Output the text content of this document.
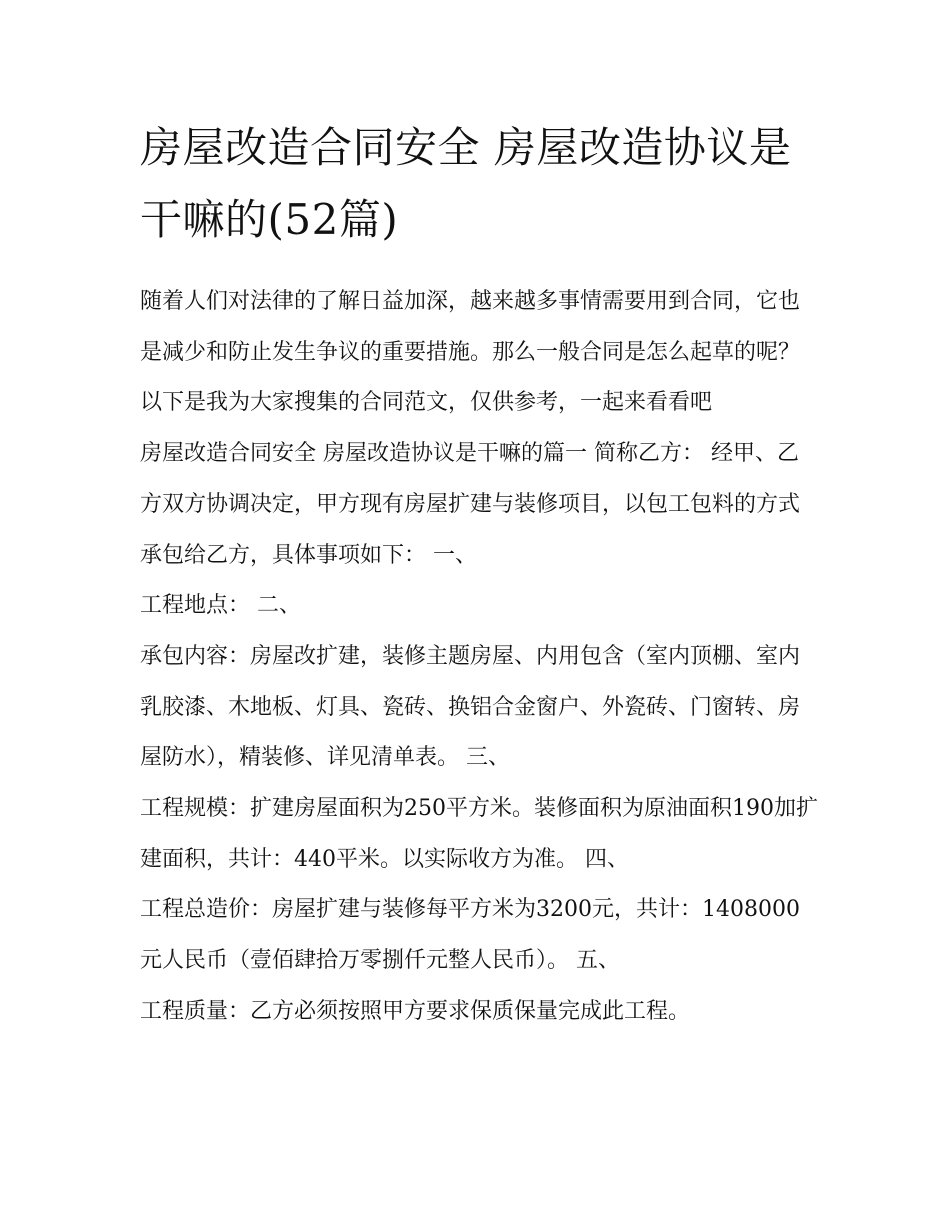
房屋改造合同安全 房屋改造协议是干嘛的(52篇)

随着人们对法律的了解日益加深，越来越多事情需要用到合同，它也是减少和防止发生争议的重要措施。那么一般合同是怎么起草的呢？以下是我为大家搜集的合同范文，仅供参考，一起来看看吧

房屋改造合同安全 房屋改造协议是干嘛的篇一 简称乙方： 经甲、乙方双方协调决定，甲方现有房屋扩建与装修项目，以包工包料的方式承包给乙方，具体事项如下： 一、

工程地点： 二、

承包内容：房屋改扩建，装修主题房屋、内用包含（室内顶棚、室内乳胶漆、木地板、灯具、瓷砖、换铝合金窗户、外瓷砖、门窗转、房屋防水），精装修、详见清单表。 三、

工程规模：扩建房屋面积为250平方米。装修面积为原油面积190加扩建面积，共计：440平米。以实际收方为准。 四、

工程总造价：房屋扩建与装修每平方米为3200元，共计：1408000元人民币（壹佰肆拾万零捌仟元整人民币）。 五、

工程质量：乙方必须按照甲方要求保质保量完成此工程。
